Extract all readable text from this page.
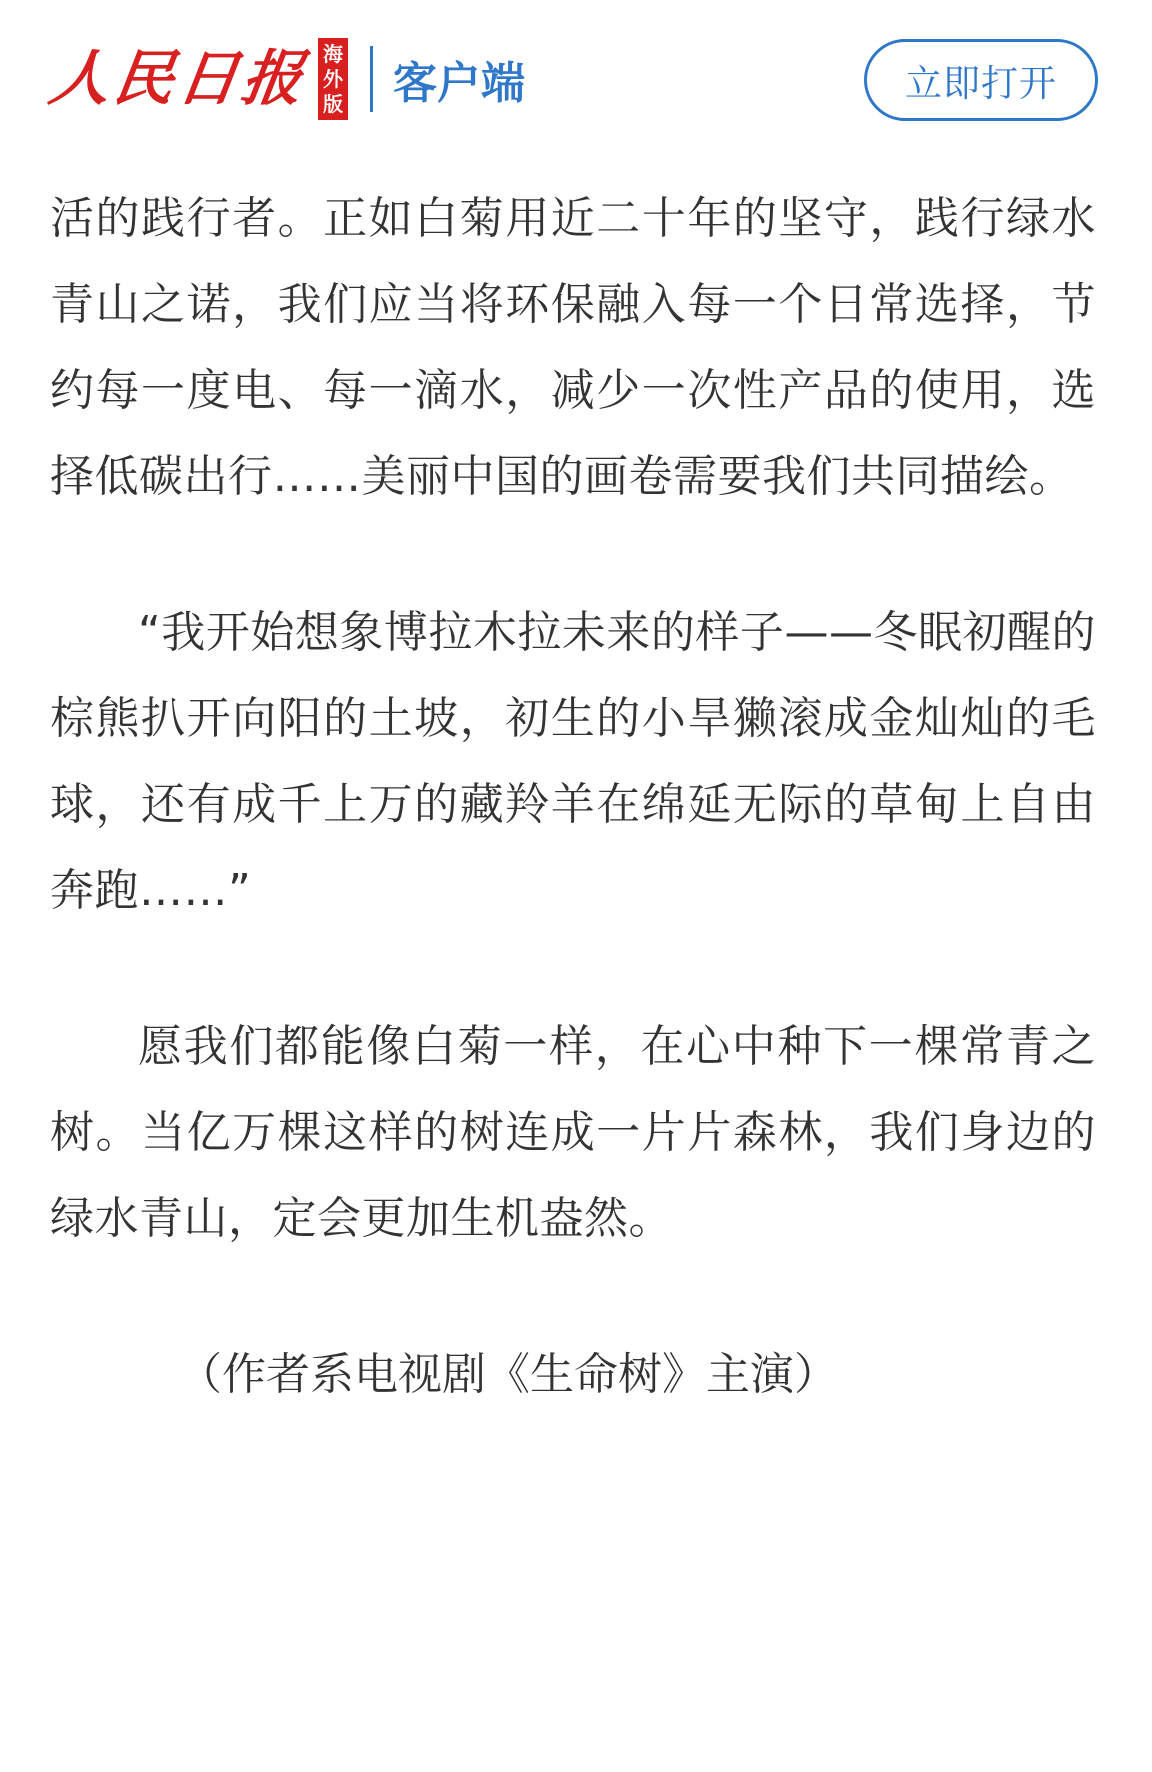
人民日报 海外版 客户端	立即打开

活的践行者。正如白菊用近二十年的坚守，践行绿水青山之诺，我们应当将环保融入每一个日常选择，节约每一度电、每一滴水，减少一次性产品的使用，选择低碳出行……美丽中国的画卷需要我们共同描绘。

“我开始想象博拉木拉未来的样子——冬眠初醒的棕熊扒开向阳的土坡，初生的小旱獭滚成金灿灿的毛球，还有成千上万的藏羚羊在绵延无际的草甸上自由奔跑……”

愿我们都能像白菊一样，在心中种下一棵常青之树。当亿万棵这样的树连成一片片森林，我们身边的绿水青山，定会更加生机盎然。

（作者系电视剧《生命树》主演）
